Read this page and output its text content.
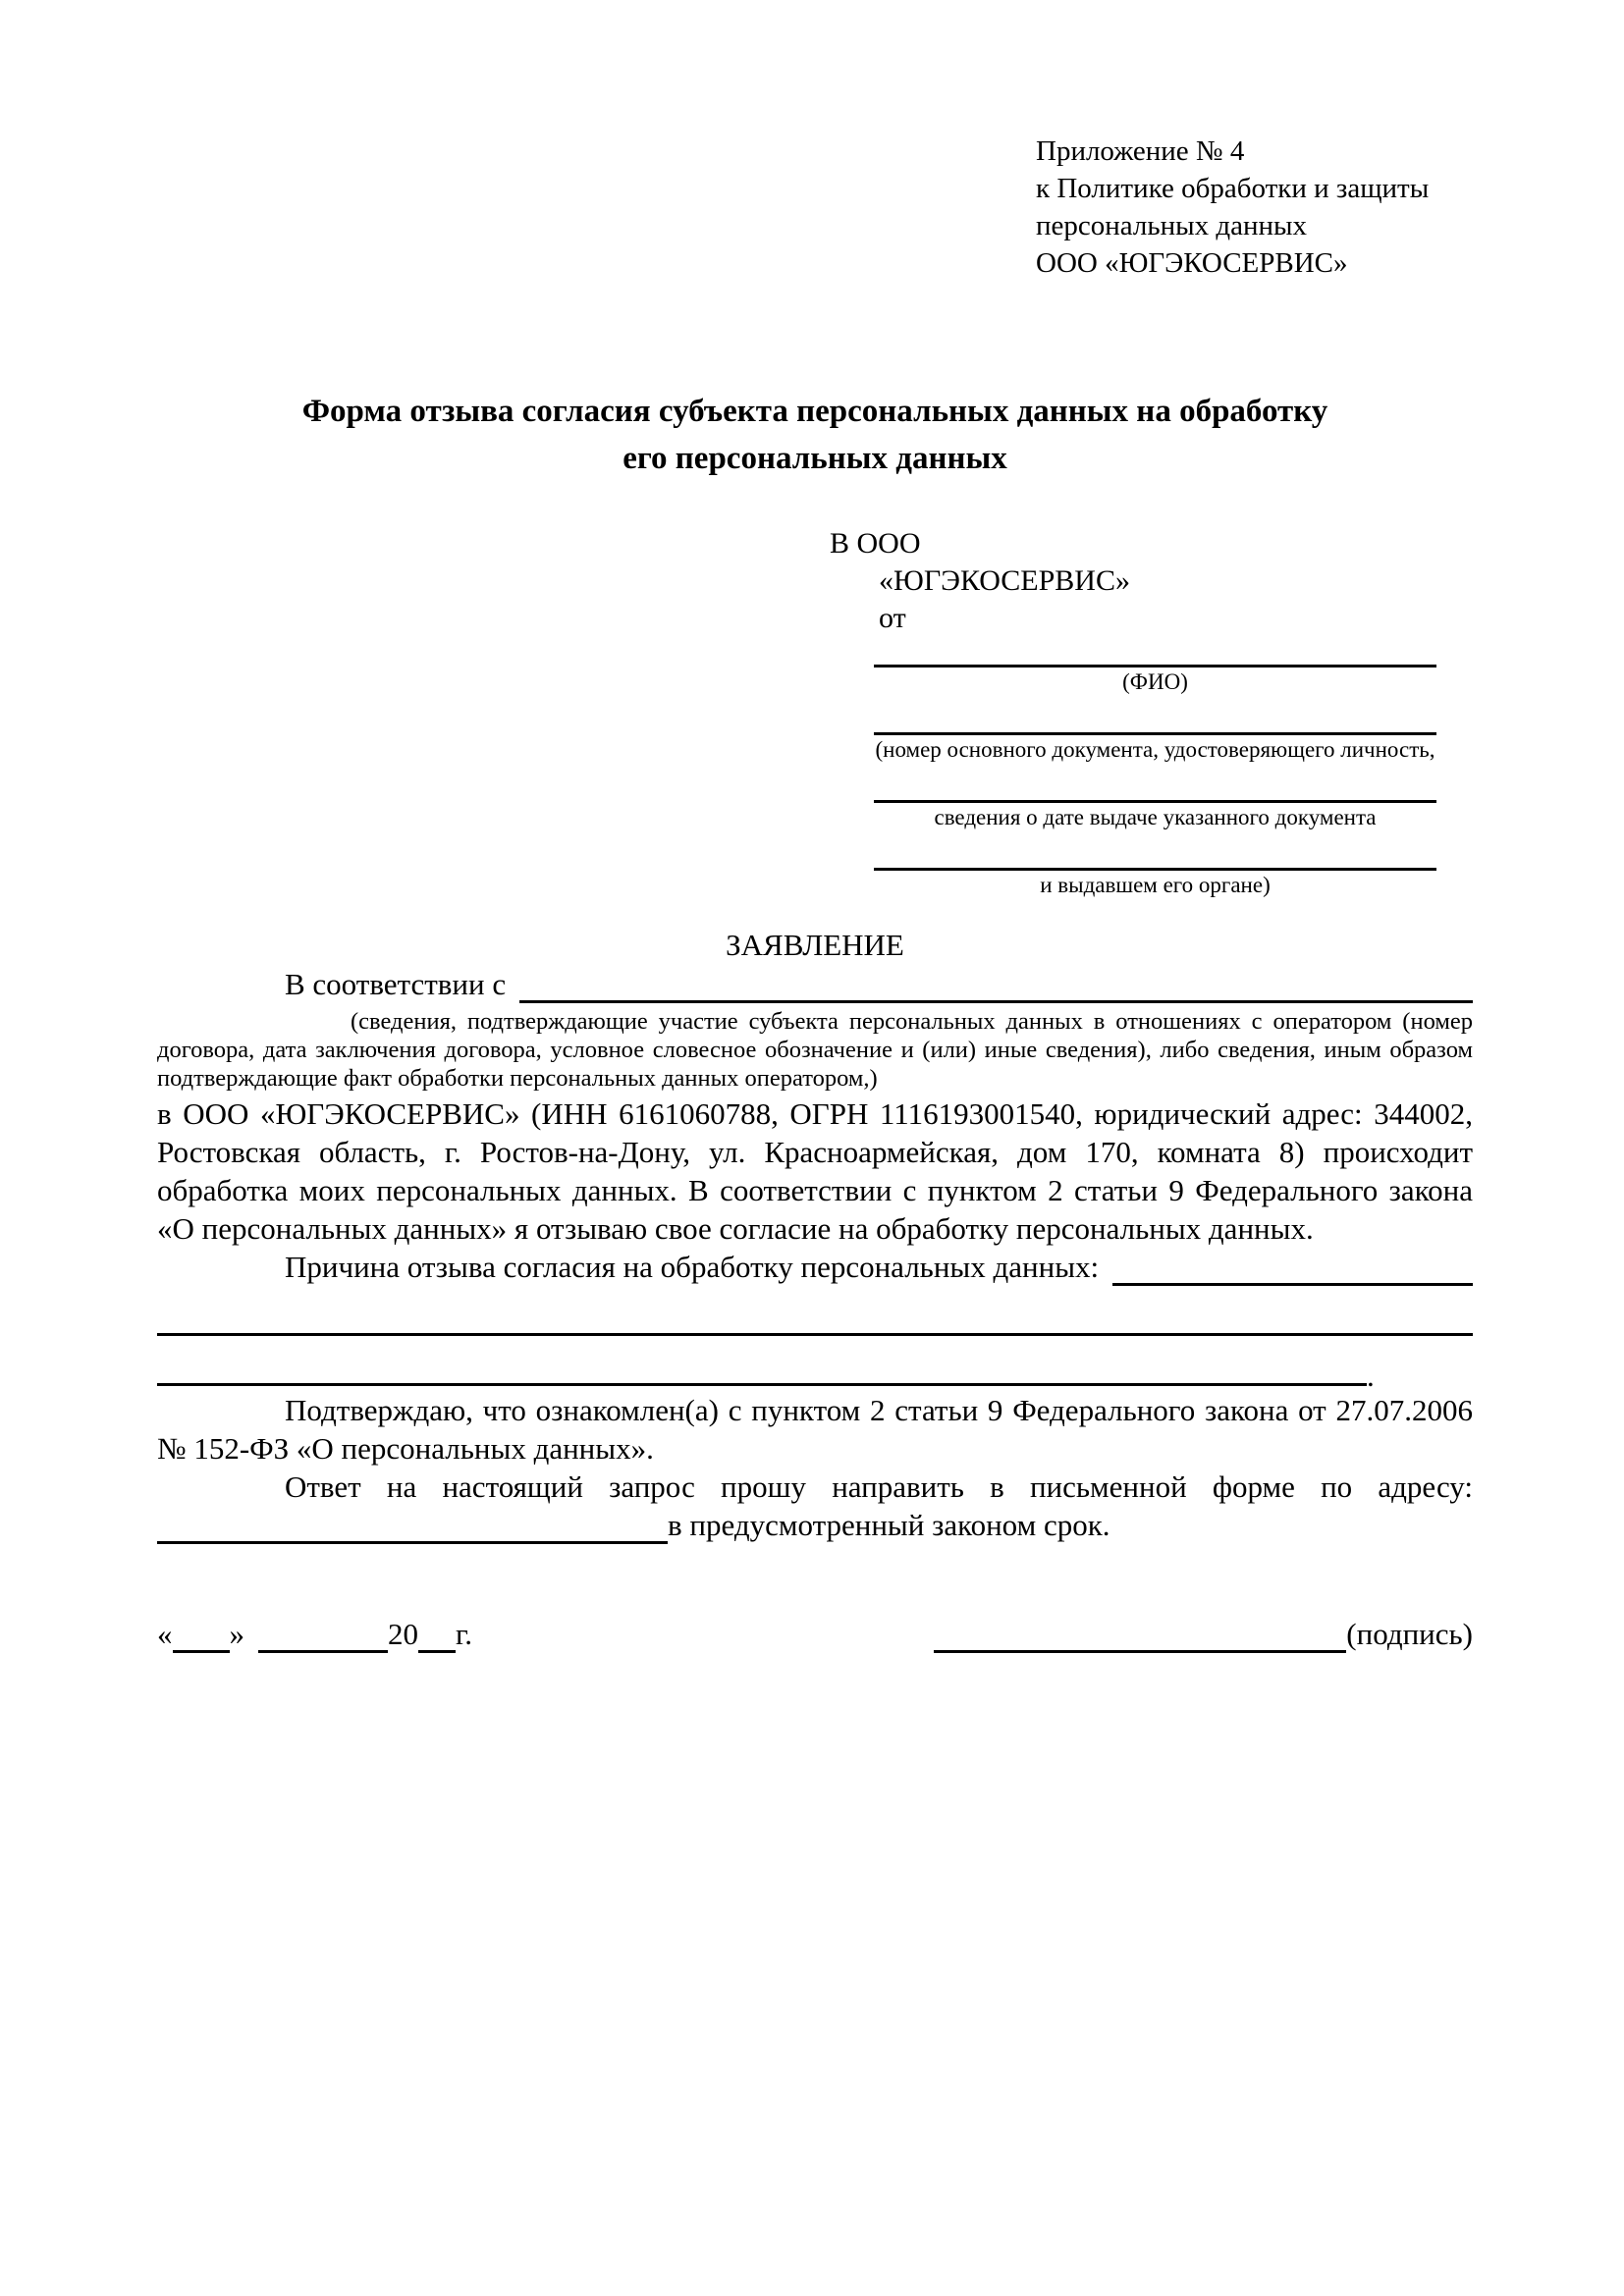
Приложение № 4
к Политике обработки и защиты
персональных данных
ООО «ЮГЭКОСЕРВИС»
Форма отзыва согласия субъекта персональных данных на обработку
его персональных данных
В ООО
«ЮГЭКОСЕРВИС»
от
(ФИО)
(номер основного документа, удостоверяющего личность,
сведения о дате выдаче указанного документа
и выдавшем его органе)
ЗАЯВЛЕНИЕ
В соответствии с
(сведения, подтверждающие участие субъекта персональных данных в отношениях с оператором (номер договора, дата заключения договора, условное словесное обозначение и (или) иные сведения), либо сведения, иным образом подтверждающие факт обработки персональных данных оператором,)
в ООО «ЮГЭКОСЕРВИС» (ИНН 6161060788, ОГРН 1116193001540, юридический адрес: 344002, Ростовская область, г. Ростов-на-Дону, ул. Красноармейская, дом 170, комната 8) происходит обработка моих персональных данных. В соответствии с пунктом 2 статьи 9 Федерального закона «О персональных данных» я отзываю свое согласие на обработку персональных данных.
Причина отзыва согласия на обработку персональных данных:
.
Подтверждаю, что ознакомлен(а) с пунктом 2 статьи 9 Федерального закона от 27.07.2006 № 152-ФЗ «О персональных данных».
Ответ на настоящий запрос прошу направить в письменной форме по адресу:
в предусмотренный законом срок.
« »	20 г.	(подпись)
